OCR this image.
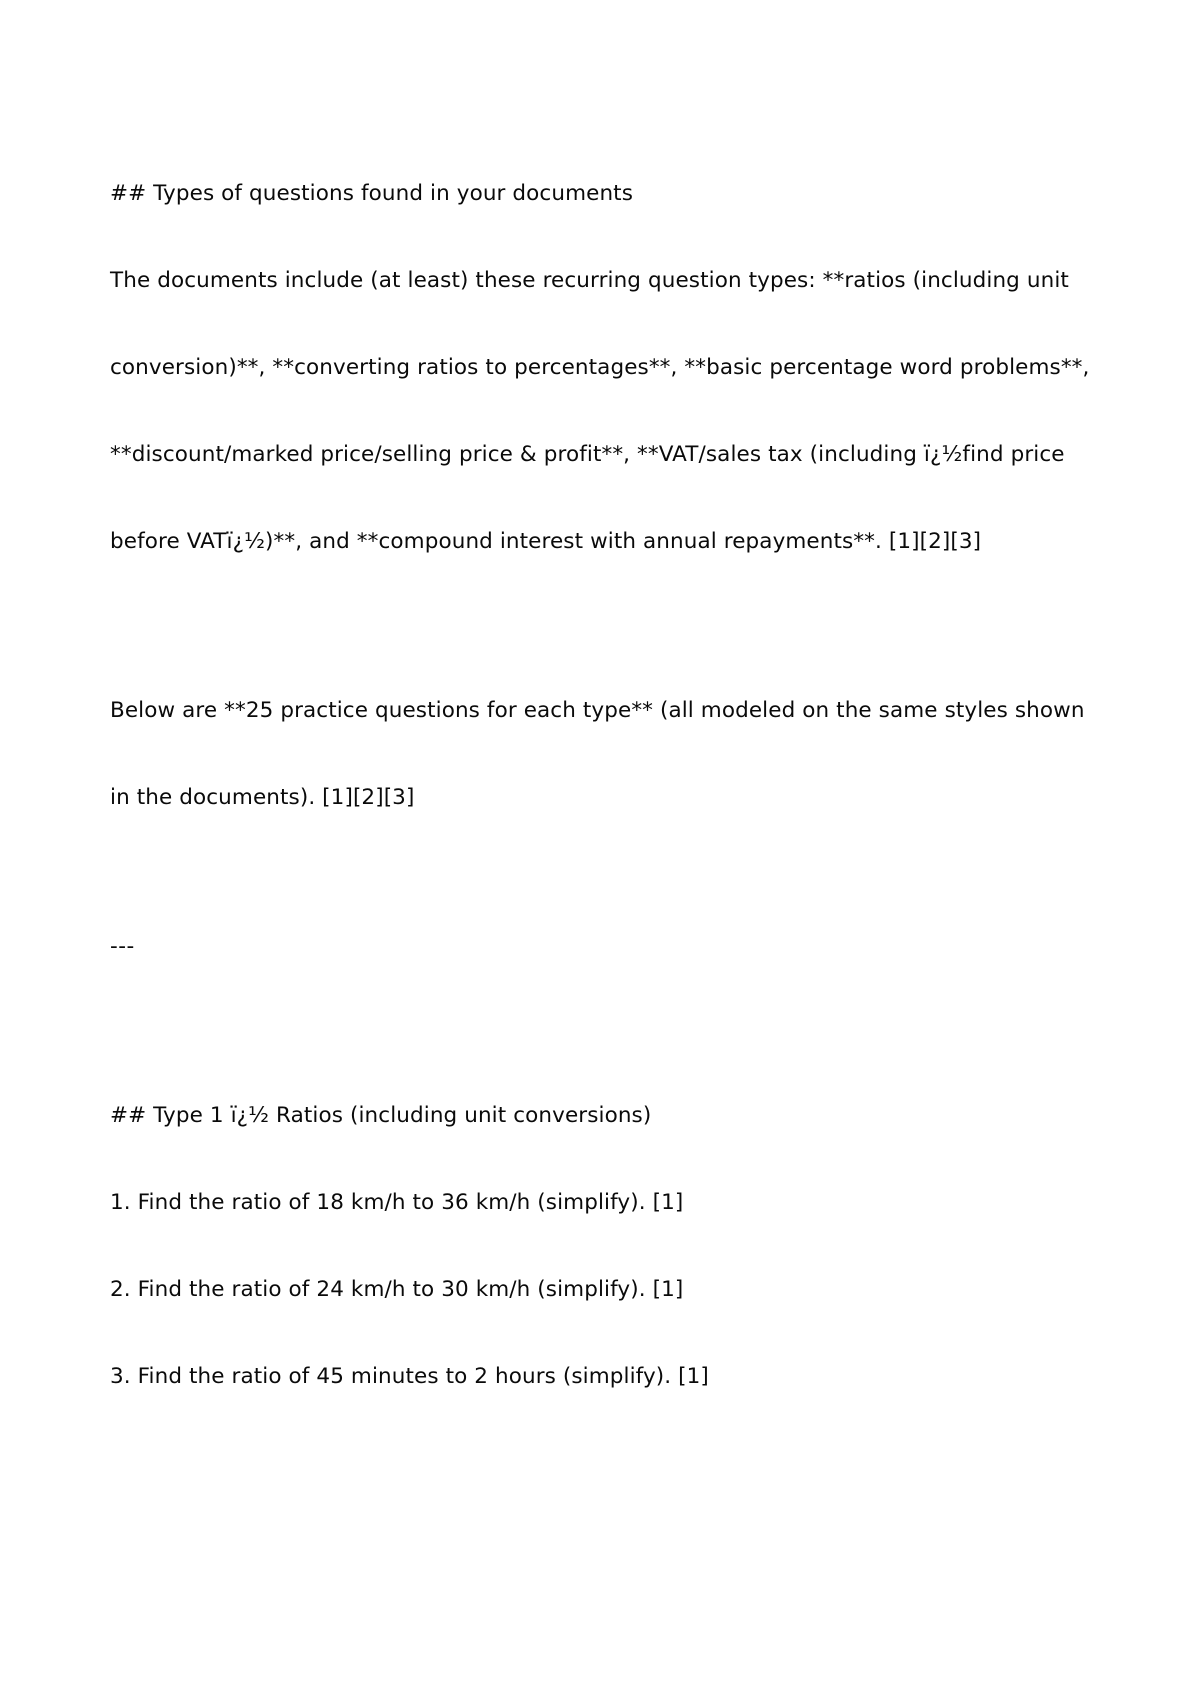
## Types of questions found in your documents

The documents include (at least) these recurring question types: **ratios (including unit conversion)**, **converting ratios to percentages**, **basic percentage word problems**, **discount/marked price/selling price & profit**, **VAT/sales tax (including ï¿½find price before VATï¿½)**, and **compound interest with annual repayments**. [1][2][3]

Below are **25 practice questions for each type** (all modeled on the same styles shown in the documents). [1][2][3]

---

## Type 1 ï¿½ Ratios (including unit conversions)

1. Find the ratio of 18 km/h to 36 km/h (simplify). [1]

2. Find the ratio of 24 km/h to 30 km/h (simplify). [1]

3. Find the ratio of 45 minutes to 2 hours (simplify). [1]
